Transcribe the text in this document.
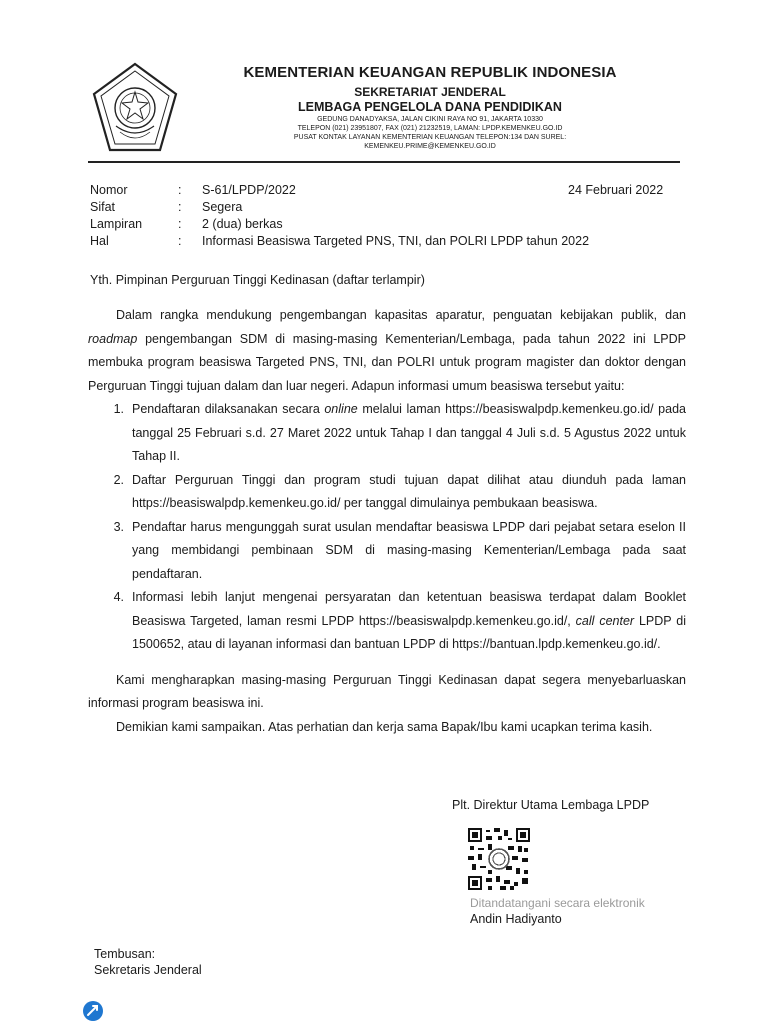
KEMENTERIAN KEUANGAN REPUBLIK INDONESIA
SEKRETARIAT JENDERAL
LEMBAGA PENGELOLA DANA PENDIDIKAN
GEDUNG DANADYAKSA, JALAN CIKINI RAYA NO 91, JAKARTA 10330
TELEPON (021) 23951807, FAX (021) 21232519, LAMAN: LPDP.KEMENKEU.GO.ID
PUSAT KONTAK LAYANAN KEMENTERIAN KEUANGAN TELEPON:134 DAN SUREL:
KEMENKEU.PRIME@KEMENKEU.GO.ID
Nomor	:	S-61/LPDP/2022
Sifat	:	Segera
Lampiran	:	2 (dua) berkas
Hal	:	Informasi Beasiswa Targeted PNS, TNI, dan POLRI LPDP tahun 2022
24 Februari 2022
Yth. Pimpinan Perguruan Tinggi Kedinasan (daftar terlampir)

Dalam rangka mendukung pengembangan kapasitas aparatur, penguatan kebijakan publik, dan roadmap pengembangan SDM di masing-masing Kementerian/Lembaga, pada tahun 2022 ini LPDP membuka program beasiswa Targeted PNS, TNI, dan POLRI untuk program magister dan doktor dengan Perguruan Tinggi tujuan dalam dan luar negeri. Adapun informasi umum beasiswa tersebut yaitu:

1. Pendaftaran dilaksanakan secara online melalui laman https://beasiswalpdp.kemenkeu.go.id/ pada tanggal 25 Februari s.d. 27 Maret 2022 untuk Tahap I dan tanggal 4 Juli s.d. 5 Agustus 2022 untuk Tahap II.
2. Daftar Perguruan Tinggi dan program studi tujuan dapat dilihat atau diunduh pada laman https://beasiswalpdp.kemenkeu.go.id/ per tanggal dimulainya pembukaan beasiswa.
3. Pendaftar harus mengunggah surat usulan mendaftar beasiswa LPDP dari pejabat setara eselon II yang membidangi pembinaan SDM di masing-masing Kementerian/Lembaga pada saat pendaftaran.
4. Informasi lebih lanjut mengenai persyaratan dan ketentuan beasiswa terdapat dalam Booklet Beasiswa Targeted, laman resmi LPDP https://beasiswalpdp.kemenkeu.go.id/, call center LPDP di 1500652, atau di layanan informasi dan bantuan LPDP di https://bantuan.lpdp.kemenkeu.go.id/.

Kami mengharapkan masing-masing Perguruan Tinggi Kedinasan dapat segera menyebarluaskan informasi program beasiswa ini.

Demikian kami sampaikan. Atas perhatian dan kerja sama Bapak/Ibu kami ucapkan terima kasih.

Plt. Direktur Utama Lembaga LPDP
Ditandatangani secara elektronik
Andin Hadiyanto
Tembusan:
Sekretaris Jenderal
